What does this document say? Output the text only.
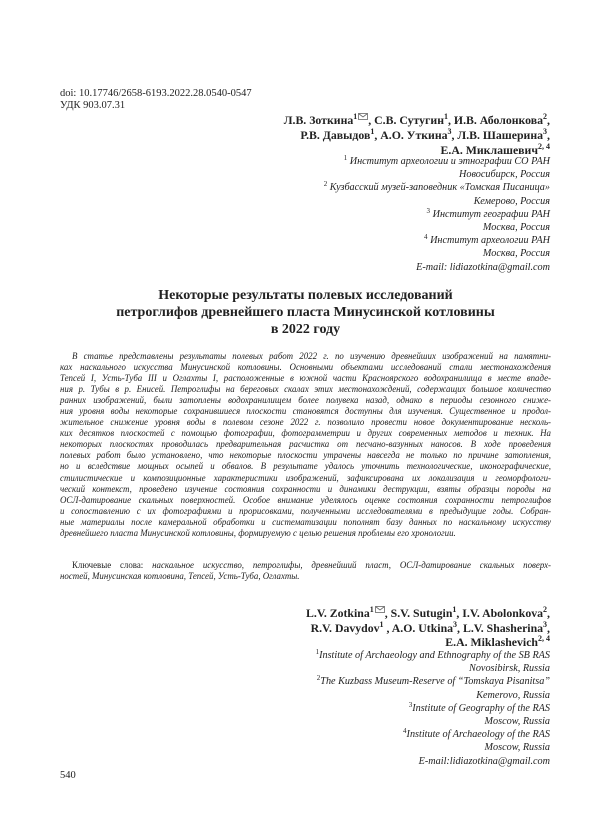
doi: 10.17746/2658-6193.2022.28.0540-0547
УДК 903.07.31
Л.В. Зоткина$^1$ , С.В. Сутугин$^1$, И.В. Аболонкова$^2$,
Р.В. Давыдов$^1$, А.О. Уткина$^3$, Л.В. Шашерина$^3$,
Е.А. Миклашевич$^{2, 4}$
$^1$ Институт археологии и этнографии СО РАН
Новосибирск, Россия
$^2$ Кузбасский музей-заповедник «Томская Писаница»
Кемерово, Россия
$^3$ Институт географии РАН
Москва, Россия
$^4$ Институт археологии РАН
Москва, Россия
E-mail: lidiazotkina@gmail.com
Некоторые результаты полевых исследований
петроглифов древнейшего пласта Минусинской котловины
в 2022 году
В статье представлены результаты полевых работ 2022 г. по изучению древнейших изображений на памятни-
ках наскального искусства Минусинской котловины. Основными объектами исследований стали местонахождения
Тепсей I, Усть-Туба III и Оглахты I, расположенные в южной части Красноярского водохранилища в месте впаде-
ния р. Тубы в р. Енисей. Петроглифы на береговых скалах этих местонахождений, содержащих большое количество
ранних изображений, были затоплены водохранилищем более полувека назад, однако в периоды сезонного сниже-
ния уровня воды некоторые сохранившиеся плоскости становятся доступны для изучения. Существенное и продол-
жительное снижение уровня воды в полевом сезоне 2022 г. позволило провести новое документирование несколь-
ких десятков плоскостей с помощью фотографии, фотограмметрии и других современных методов и техник. На
некоторых плоскостях проводилась предварительная расчистка от песчано-вазунных наносов. В ходе проведения
полевых работ было установлено, что некоторые плоскости утрачены навсегда не только по причине затопления,
но и вследствие мощных осыпей и обвалов. В результате удалось уточнить технологические, иконографические,
стилистические и композиционные характеристики изображений, зафиксирована их локализация и геоморфологи-
ческий контекст, проведено изучение состояния сохранности и динамики деструкции, взяты образцы породы на
ОСЛ-датирование скальных поверхностей. Особое внимание уделялось оценке состояния сохранности петроглифов
и сопоставлению с их фотографиями и прорисовками, полученными исследователями в предыдущие годы. Собран-
ные материалы после камеральной обработки и систематизации пополнят базу данных по наскальному искусству
древнейшего пласта Минусинской котловины, формируемую с целью решения проблемы его хронологии.
Ключевые слова: наскальное искусство, петроглифы, древнейший пласт, ОСЛ-датирование скальных поверх-
ностей, Минусинская котловина, Тепсей, Усть-Туба, Оглахты.
L.V. Zotkina$^1$ , S.V. Sutugin$^1$, I.V. Abolonkova$^2$,
R.V. Davydov$^1$ , A.O. Utkina$^3$, L.V. Shasherina$^3$,
E.A. Miklashevich$^{2, 4}$
$^1$Institute of Archaeology and Ethnography of the SB RAS
Novosibirsk, Russia
$^2$The Kuzbass Museum-Reserve of “Tomskaya Pisanitsa”
Kemerovo, Russia
$^3$Institute of Geography of the RAS
Moscow, Russia
$^4$Institute of Archaeology of the RAS
Moscow, Russia
E-mail:lidiazotkina@gmail.com
540
